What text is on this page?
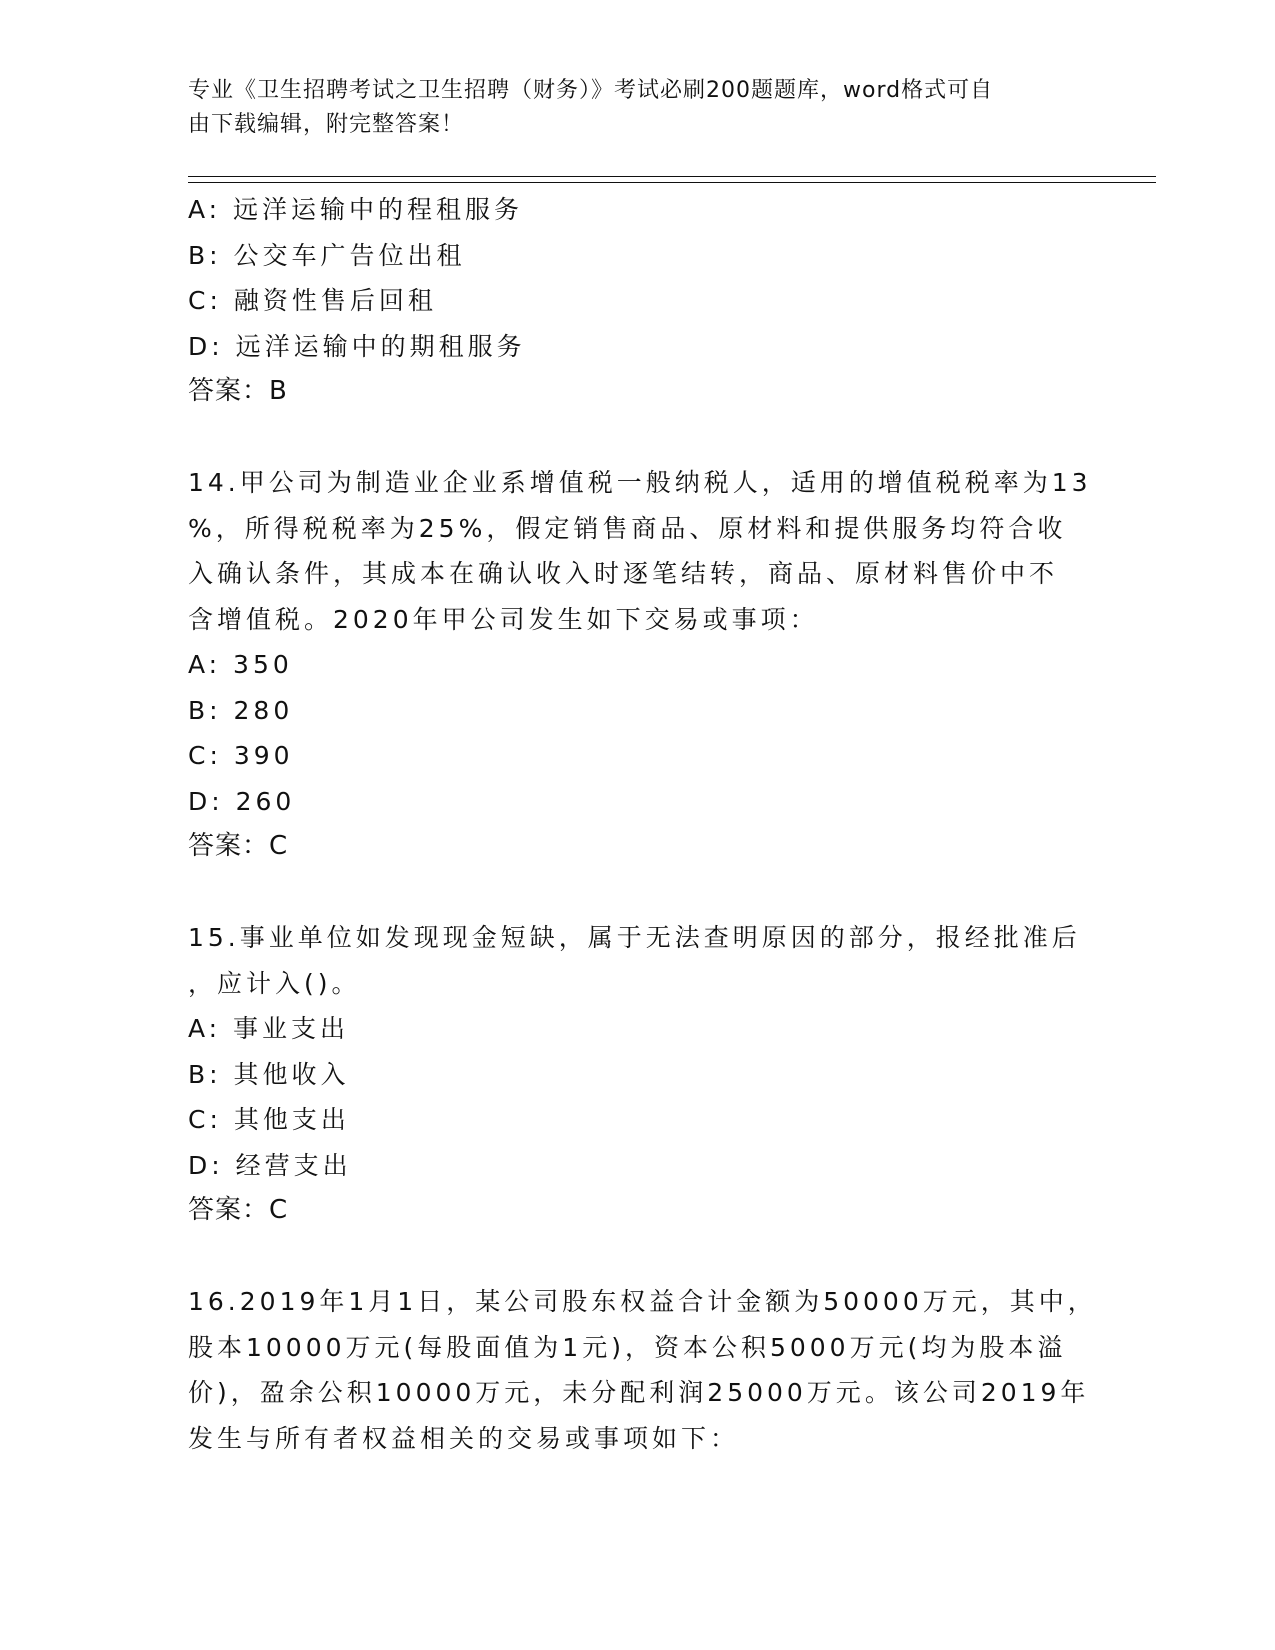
专业《卫生招聘考试之卫生招聘（财务）》考试必刷200题题库，word格式可自
由下载编辑，附完整答案！
A: 远洋运输中的程租服务
B: 公交车广告位出租
C: 融资性售后回租
D: 远洋运输中的期租服务
答案：B
14.甲公司为制造业企业系增值税一般纳税人，适用的增值税税率为13
%，所得税税率为25%，假定销售商品、原材料和提供服务均符合收
入确认条件，其成本在确认收入时逐笔结转，商品、原材料售价中不
含增值税。2020年甲公司发生如下交易或事项：
A: 350
B: 280
C: 390
D: 260
答案：C
15.事业单位如发现现金短缺，属于无法查明原因的部分，报经批准后
，应计入()。
A: 事业支出
B: 其他收入
C: 其他支出
D: 经营支出
答案：C
16.2019年1月1日，某公司股东权益合计金额为50000万元，其中，
股本10000万元(每股面值为1元)，资本公积5000万元(均为股本溢
价)，盈余公积10000万元，未分配利润25000万元。该公司2019年
发生与所有者权益相关的交易或事项如下：
